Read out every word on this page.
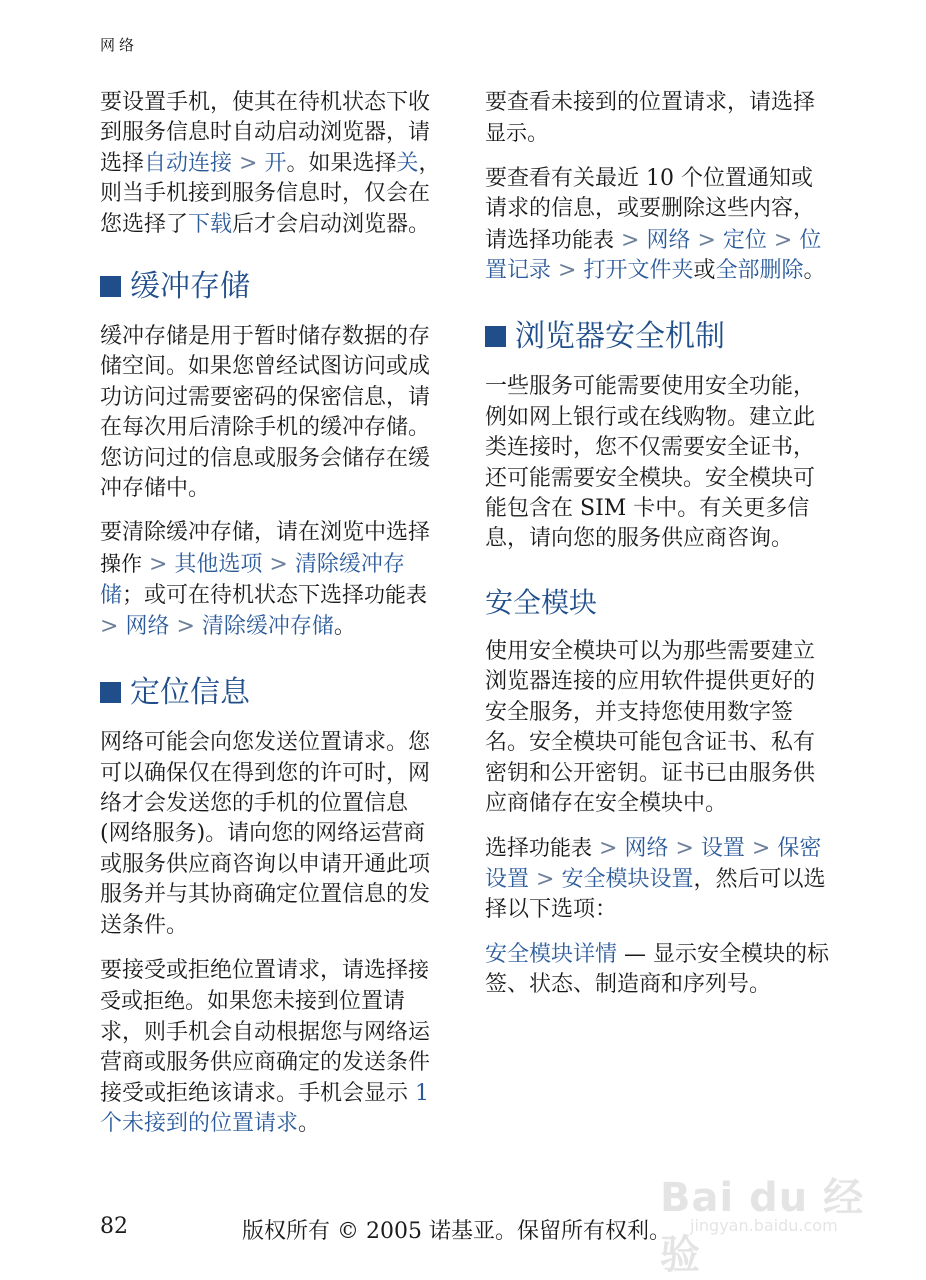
网络

要设置手机，使其在待机状态下收到服务信息时自动启动浏览器，请选择自动连接 > 开。如果选择关，则当手机接到服务信息时，仅会在您选择了下载后才会启动浏览器。

缓冲存储

缓冲存储是用于暂时储存数据的存储空间。如果您曾经试图访问或成功访问过需要密码的保密信息，请在每次用后清除手机的缓冲存储。您访问过的信息或服务会储存在缓冲存储中。

要清除缓冲存储，请在浏览中选择操作 > 其他选项 > 清除缓冲存储；或可在待机状态下选择功能表 > 网络 > 清除缓冲存储。

定位信息

网络可能会向您发送位置请求。您可以确保仅在得到您的许可时，网络才会发送您的手机的位置信息 (网络服务)。请向您的网络运营商或服务供应商咨询以申请开通此项服务并与其协商确定位置信息的发送条件。

要接受或拒绝位置请求，请选择接受或拒绝。如果您未接到位置请求，则手机会自动根据您与网络运营商或服务供应商确定的发送条件接受或拒绝该请求。手机会显示 1 个未接到的位置请求。

要查看未接到的位置请求，请选择显示。

要查看有关最近 10 个位置通知或请求的信息，或要删除这些内容，请选择功能表 > 网络 > 定位 > 位置记录 > 打开文件夹或全部删除。

浏览器安全机制

一些服务可能需要使用安全功能，例如网上银行或在线购物。建立此类连接时，您不仅需要安全证书，还可能需要安全模块。安全模块可能包含在 SIM 卡中。有关更多信息，请向您的服务供应商咨询。

安全模块

使用安全模块可以为那些需要建立浏览器连接的应用软件提供更好的安全服务，并支持您使用数字签名。安全模块可能包含证书、私有密钥和公开密钥。证书已由服务供应商储存在安全模块中。

选择功能表 > 网络 > 设置 > 保密设置 > 安全模块设置，然后可以选择以下选项：

安全模块详情 — 显示安全模块的标签、状态、制造商和序列号。

Bai du 经验
jingyan.baidu.com
82	版权所有 © 2005 诺基亚。保留所有权利。
